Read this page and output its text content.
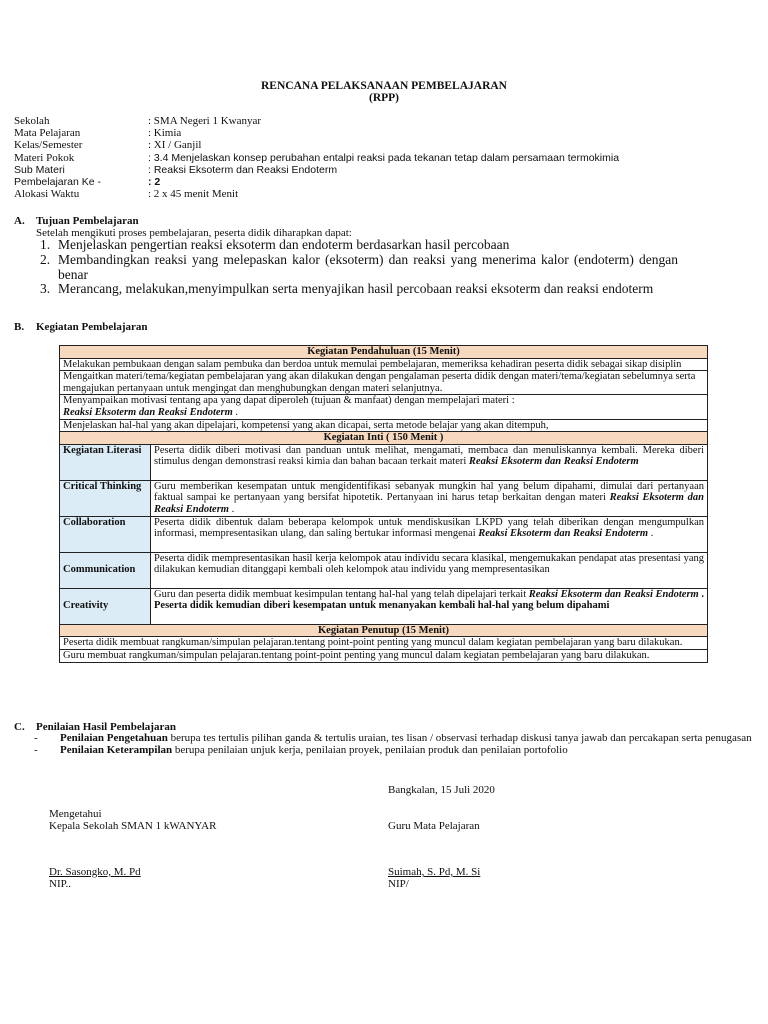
RENCANA PELAKSANAAN PEMBELAJARAN
(RPP)
Sekolah	: SMA Negeri 1 Kwanyar
Mata Pelajaran	: Kimia
Kelas/Semester	: XI / Ganjil
Materi Pokok	: 3.4 Menjelaskan konsep perubahan entalpi reaksi pada tekanan tetap dalam persamaan termokimia
Sub Materi	: Reaksi Eksoterm dan Reaksi Endoterm
Pembelajaran Ke -	: 2
Alokasi Waktu	: 2 x 45 menit Menit
A. Tujuan Pembelajaran
Setelah mengikuti proses pembelajaran, peserta didik diharapkan dapat:
1. Menjelaskan pengertian reaksi eksoterm dan endoterm berdasarkan hasil percobaan
2. Membandingkan reaksi yang melepaskan kalor (eksoterm) dan reaksi yang menerima kalor (endoterm) dengan benar
3. Merancang, melakukan,menyimpulkan serta menyajikan hasil percobaan reaksi eksoterm dan reaksi endoterm
B. Kegiatan Pembelajaran
Kegiatan Pendahuluan (15 Menit)	
Melakukan pembukaan dengan salam pembuka dan berdoa untuk memulai pembelajaran, memeriksa kehadiran peserta didik sebagai sikap disiplin	
Mengaitkan materi/tema/kegiatan pembelajaran yang akan dilakukan dengan pengalaman peserta didik dengan materi/tema/kegiatan sebelumnya serta mengajukan pertanyaan untuk mengingat dan menghubungkan dengan materi selanjutnya.	
Menyampaikan motivasi tentang apa yang dapat diperoleh (tujuan & manfaat) dengan mempelajari materi :
Reaksi Eksoterm dan Reaksi Endoterm .	
Menjelaskan hal-hal yang akan dipelajari, kompetensi yang akan dicapai, serta metode belajar yang akan ditempuh,	
Kegiatan Inti ( 150 Menit )	
Kegiatan Literasi	Peserta didik diberi motivasi dan panduan untuk melihat, mengamati, membaca dan menuliskannya kembali. Mereka diberi stimulus dengan demonstrasi reaksi kimia dan bahan bacaan terkait materi Reaksi Eksoterm dan Reaksi Endoterm
Critical Thinking	Guru memberikan kesempatan untuk mengidentifikasi sebanyak mungkin hal yang belum dipahami, dimulai dari pertanyaan faktual sampai ke pertanyaan yang bersifat hipotetik. Pertanyaan ini harus tetap berkaitan dengan materi Reaksi Eksoterm dan Reaksi Endoterm .
Collaboration	Peserta didik dibentuk dalam beberapa kelompok untuk mendiskusikan LKPD yang telah diberikan dengan mengumpulkan informasi, mempresentasikan ulang, dan saling bertukar informasi mengenai Reaksi Eksoterm dan Reaksi Endoterm .
Communication	Peserta didik mempresentasikan hasil kerja kelompok atau individu secara klasikal, mengemukakan pendapat atas presentasi yang dilakukan kemudian ditanggapi kembali oleh kelompok atau individu yang mempresentasikan
Creativity	Guru dan peserta didik membuat kesimpulan tentang hal-hal yang telah dipelajari terkait Reaksi Eksoterm dan Reaksi Endoterm . Peserta didik kemudian diberi kesempatan untuk menanyakan kembali hal-hal yang belum dipahami
Kegiatan Penutup (15 Menit)	
Peserta didik membuat rangkuman/simpulan pelajaran.tentang point-point penting yang muncul dalam kegiatan pembelajaran yang baru dilakukan.	
Guru membuat rangkuman/simpulan pelajaran.tentang point-point penting yang muncul dalam kegiatan pembelajaran yang baru dilakukan.	
C. Penilaian Hasil Pembelajaran
-	Penilaian Pengetahuan berupa tes tertulis pilihan ganda & tertulis uraian, tes lisan / observasi terhadap diskusi tanya jawab dan percakapan serta penugasan
-	Penilaian Keterampilan berupa penilaian unjuk kerja, penilaian proyek, penilaian produk dan penilaian portofolio
Bangkalan, 15 Juli 2020
Mengetahui
Kepala Sekolah SMAN 1 kWANYAR	Guru Mata Pelajaran
Dr. Sasongko, M. Pd
NIP..
Suimah, S. Pd, M. Si
NIP/
